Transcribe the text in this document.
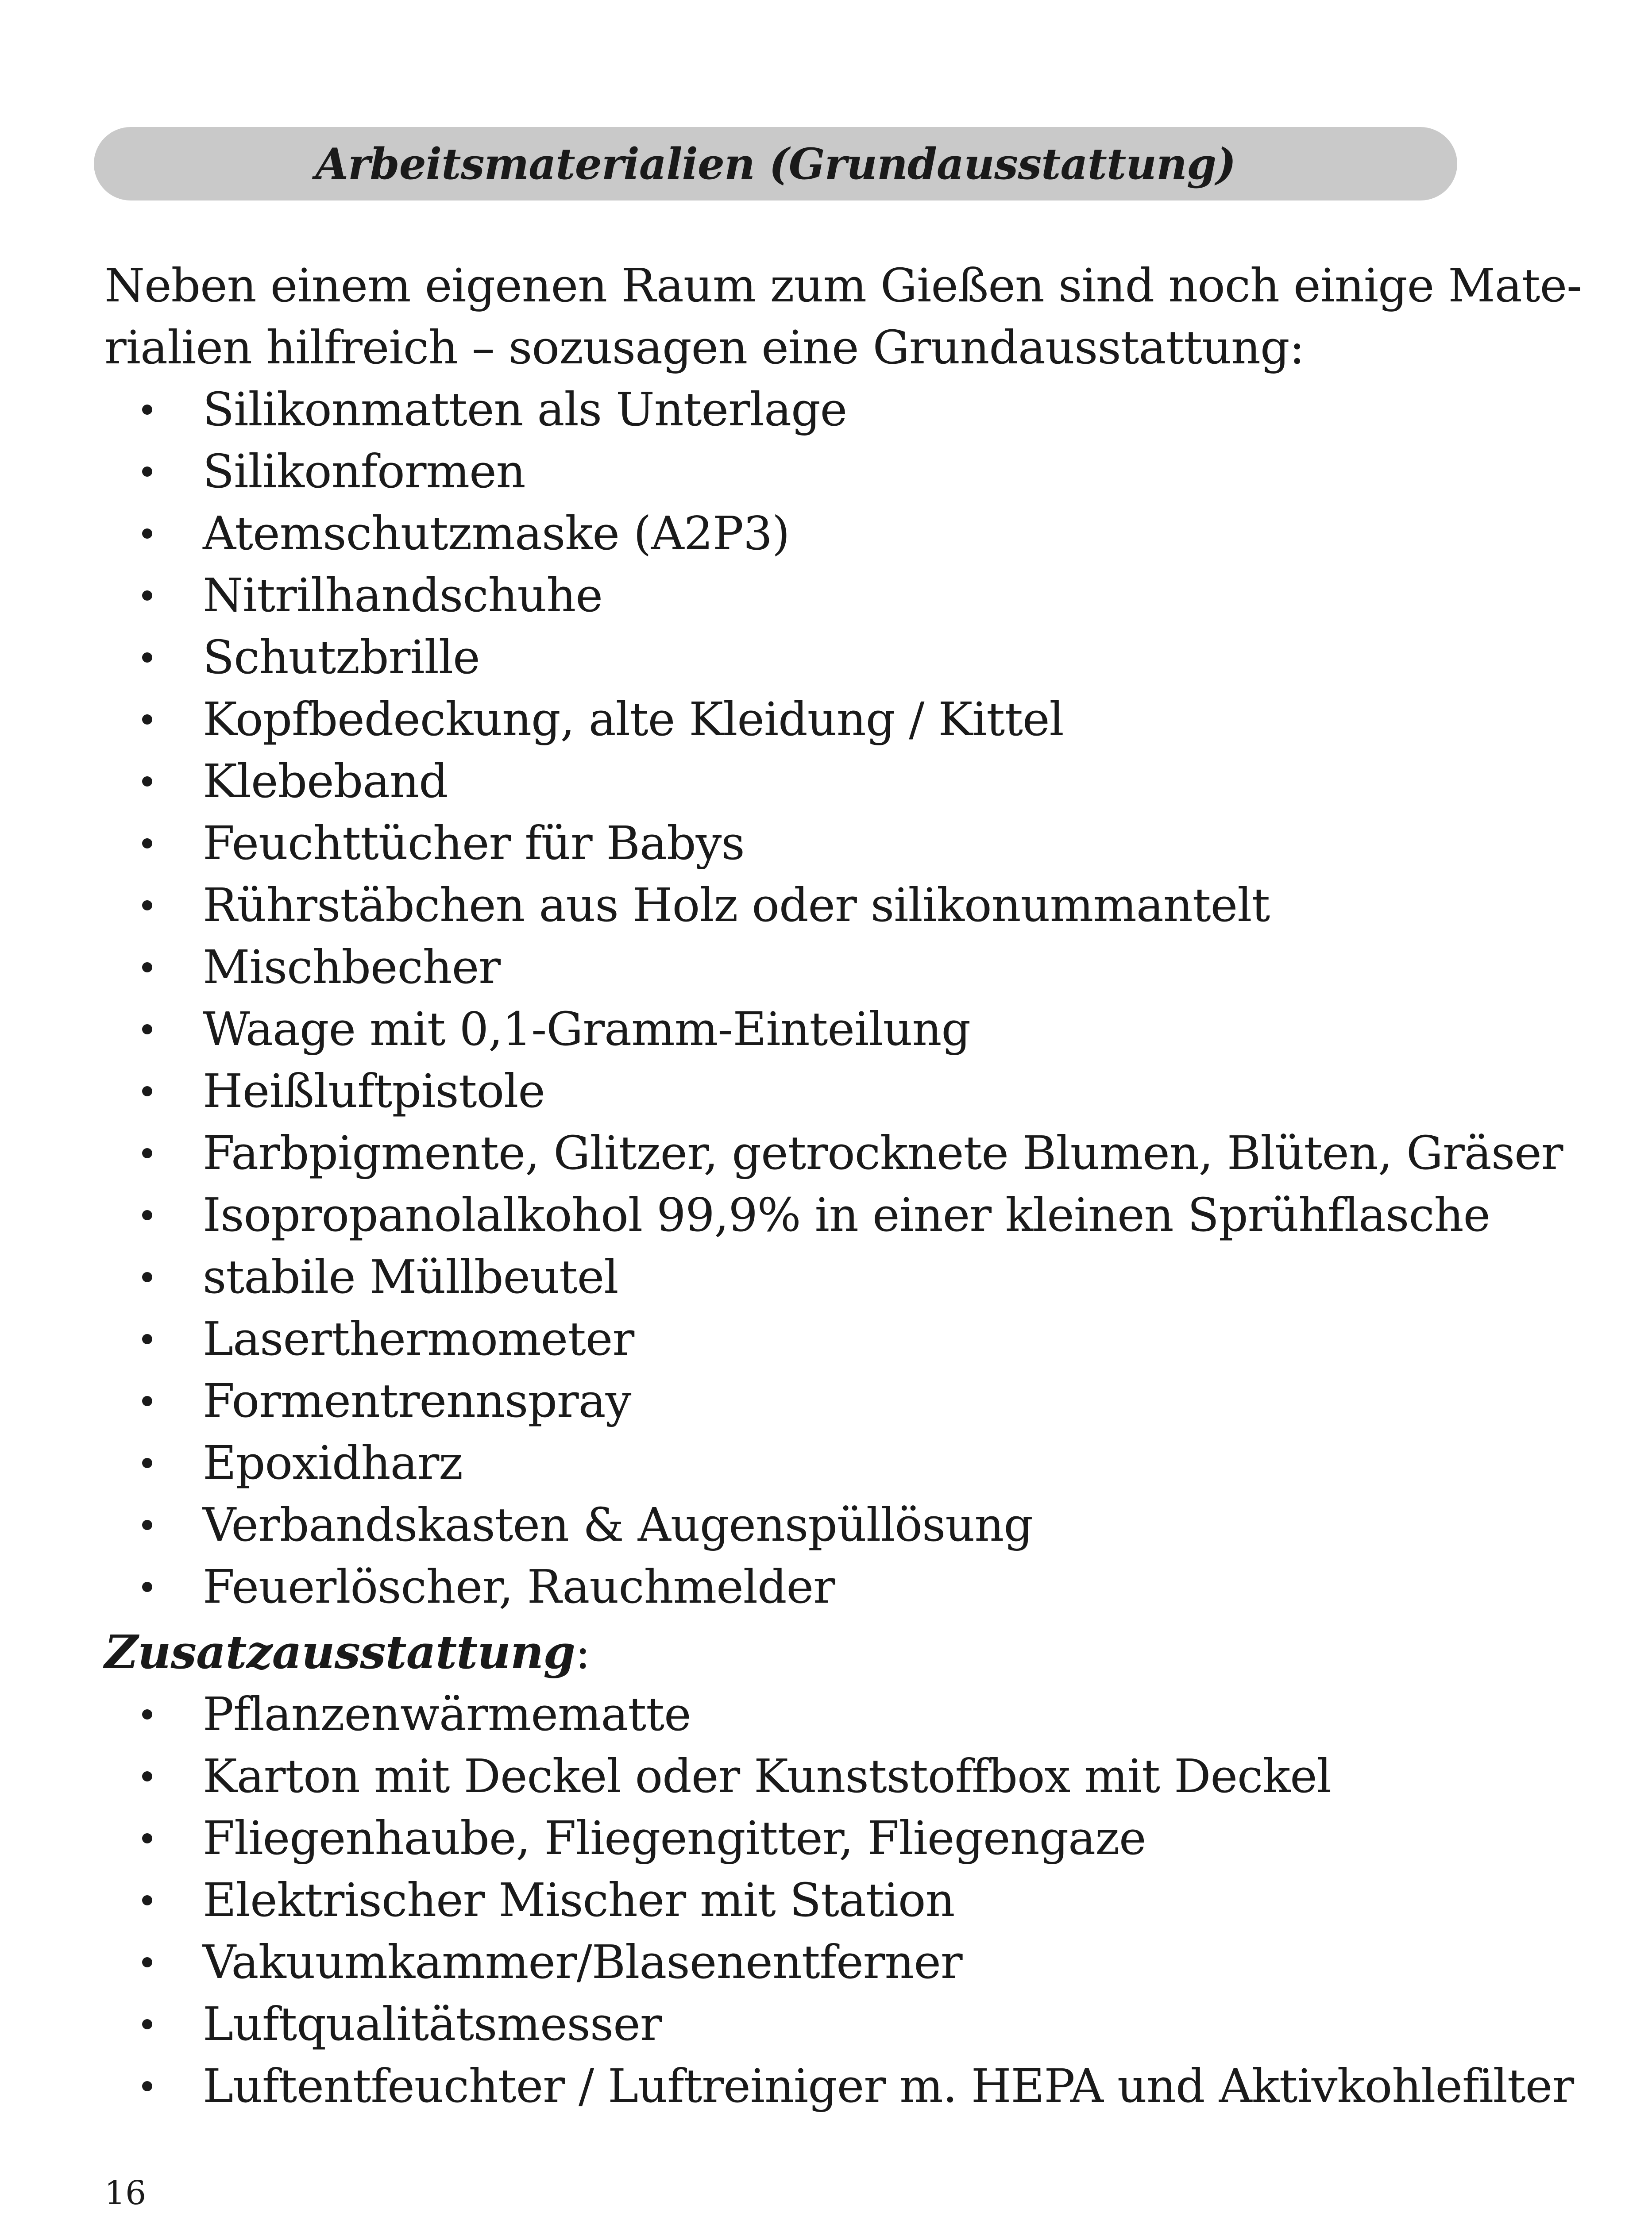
Arbeitsmaterialien (Grundausstattung)
Neben einem eigenen Raum zum Gießen sind noch einige Mate-
rialien hilfreich – sozusagen eine Grundausstattung:
Silikonmatten als Unterlage
Silikonformen
Atemschutzmaske (A2P3)
Nitrilhandschuhe
Schutzbrille
Kopfbedeckung, alte Kleidung / Kittel
Klebeband
Feuchttücher für Babys
Rührstäbchen aus Holz oder silikonummantelt
Mischbecher
Waage mit 0,1-Gramm-Einteilung
Heißluftpistole
Farbpigmente, Glitzer, getrocknete Blumen, Blüten, Gräser
Isopropanolalkohol 99,9% in einer kleinen Sprühflasche
stabile Müllbeutel
Laserthermometer
Formentrennspray
Epoxidharz
Verbandskasten & Augenspüllösung
Feuerlöscher, Rauchmelder
Zusatzausstattung:
Pflanzenwärmematte
Karton mit Deckel oder Kunststoffbox mit Deckel
Fliegenhaube, Fliegengitter, Fliegengaze
Elektrischer Mischer mit Station
Vakuumkammer/Blasenentferner
Luftqualitätsmesser
Luftentfeuchter / Luftreiniger m. HEPA und Aktivkohlefilter
16
